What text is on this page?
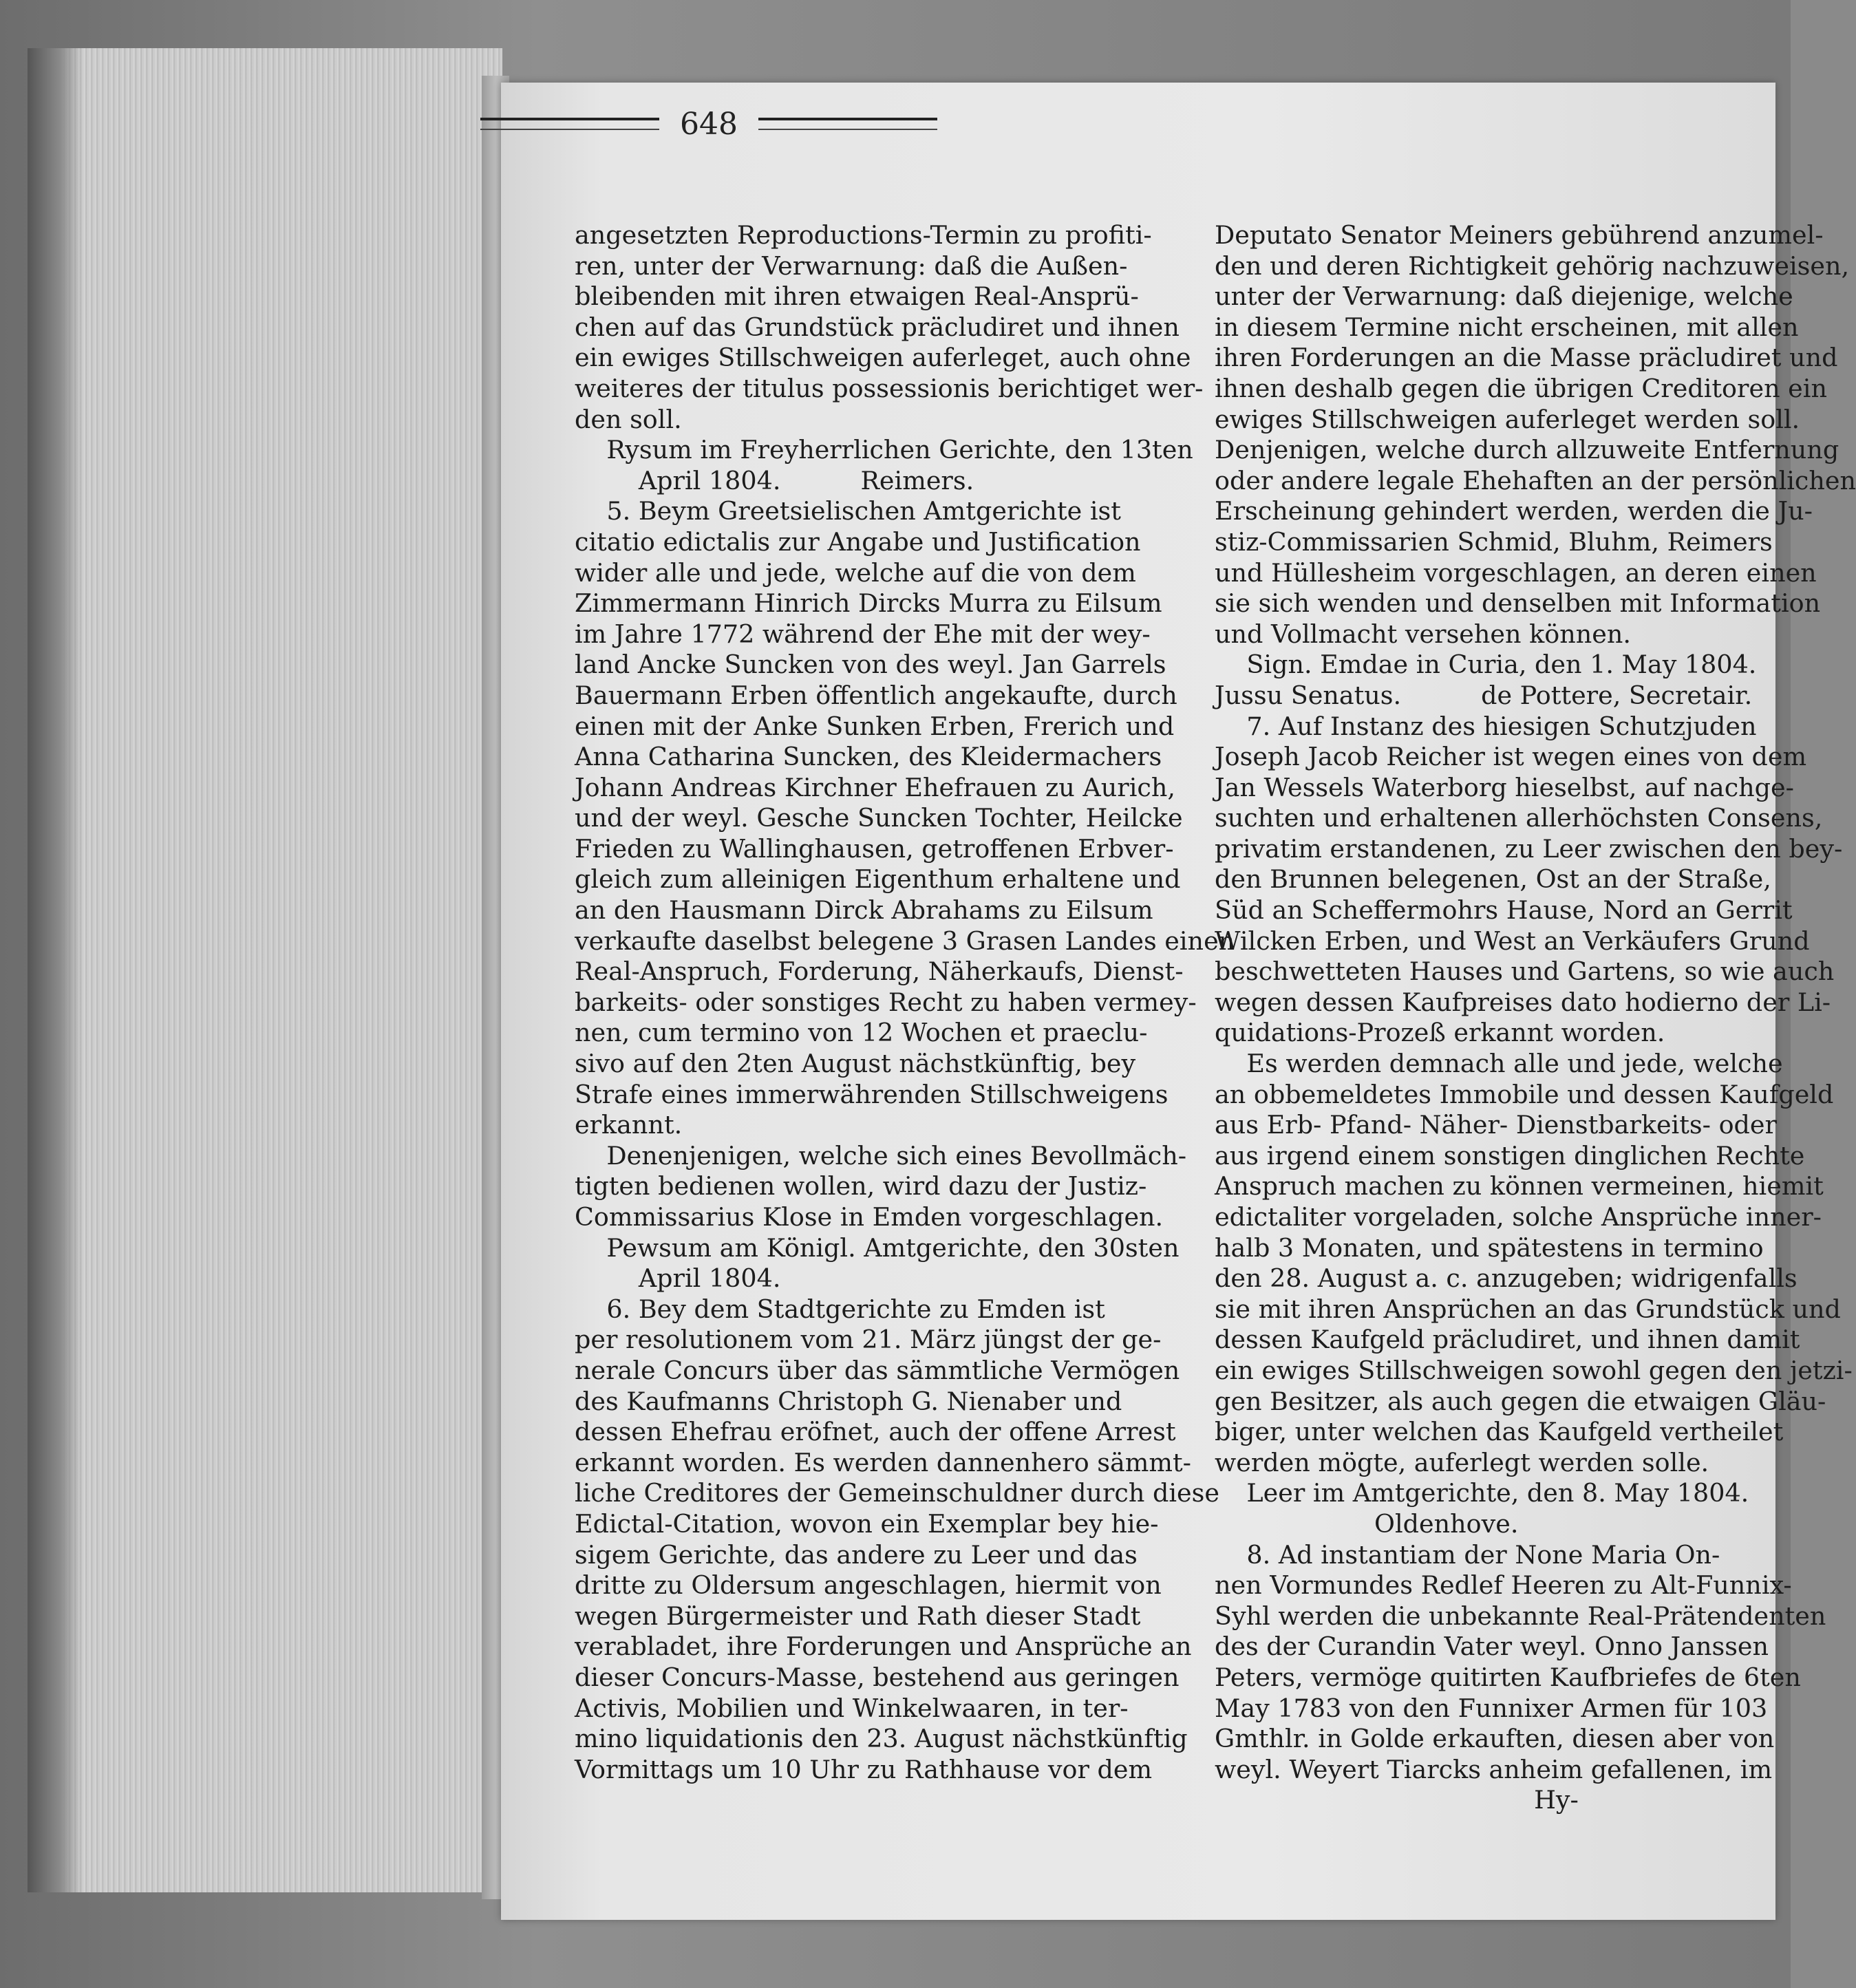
648
angesetzten Reproductions-Termin zu profiti-
ren, unter der Verwarnung: daß die Außen-
bleibenden mit ihren etwaigen Real-Ansprü-
chen auf das Grundstück präcludiret und ihnen
ein ewiges Stillschweigen auferleget, auch ohne
weiteres der titulus possessionis berichtiget wer-
den soll.
Rysum im Freyherrlichen Gerichte, den 13ten
April 1804.          Reimers.
5. Beym Greetsielischen Amtgerichte ist
citatio edictalis zur Angabe und Justification
wider alle und jede, welche auf die von dem
Zimmermann Hinrich Dircks Murra zu Eilsum
im Jahre 1772 während der Ehe mit der wey-
land Ancke Suncken von des weyl. Jan Garrels
Bauermann Erben öffentlich angekaufte, durch
einen mit der Anke Sunken Erben, Frerich und
Anna Catharina Suncken, des Kleidermachers
Johann Andreas Kirchner Ehefrauen zu Aurich,
und der weyl. Gesche Suncken Tochter, Heilcke
Frieden zu Wallinghausen, getroffenen Erbver-
gleich zum alleinigen Eigenthum erhaltene und
an den Hausmann Dirck Abrahams zu Eilsum
verkaufte daselbst belegene 3 Grasen Landes einen
Real-Anspruch, Forderung, Näherkaufs, Dienst-
barkeits- oder sonstiges Recht zu haben vermey-
nen, cum termino von 12 Wochen et praeclu-
sivo auf den 2ten August nächstkünftig, bey
Strafe eines immerwährenden Stillschweigens
erkannt.
Denenjenigen, welche sich eines Bevollmäch-
tigten bedienen wollen, wird dazu der Justiz-
Commissarius Klose in Emden vorgeschlagen.
Pewsum am Königl. Amtgerichte, den 30sten
April 1804.
6. Bey dem Stadtgerichte zu Emden ist
per resolutionem vom 21. März jüngst der ge-
nerale Concurs über das sämmtliche Vermögen
des Kaufmanns Christoph G. Nienaber und
dessen Ehefrau eröfnet, auch der offene Arrest
erkannt worden. Es werden dannenhero sämmt-
liche Creditores der Gemeinschuldner durch diese
Edictal-Citation, wovon ein Exemplar bey hie-
sigem Gerichte, das andere zu Leer und das
dritte zu Oldersum angeschlagen, hiermit von
wegen Bürgermeister und Rath dieser Stadt
verabladet, ihre Forderungen und Ansprüche an
dieser Concurs-Masse, bestehend aus geringen
Activis, Mobilien und Winkelwaaren, in ter-
mino liquidationis den 23. August nächstkünftig
Vormittags um 10 Uhr zu Rathhause vor dem
Deputato Senator Meiners gebührend anzumel-
den und deren Richtigkeit gehörig nachzuweisen,
unter der Verwarnung: daß diejenige, welche
in diesem Termine nicht erscheinen, mit allen
ihren Forderungen an die Masse präcludiret und
ihnen deshalb gegen die übrigen Creditoren ein
ewiges Stillschweigen auferleget werden soll.
Denjenigen, welche durch allzuweite Entfernung
oder andere legale Ehehaften an der persönlichen
Erscheinung gehindert werden, werden die Ju-
stiz-Commissarien Schmid, Bluhm, Reimers
und Hüllesheim vorgeschlagen, an deren einen
sie sich wenden und denselben mit Information
und Vollmacht versehen können.
Sign. Emdae in Curia, den 1. May 1804.
Jussu Senatus.          de Pottere, Secretair.
7. Auf Instanz des hiesigen Schutzjuden
Joseph Jacob Reicher ist wegen eines von dem
Jan Wessels Waterborg hieselbst, auf nachge-
suchten und erhaltenen allerhöchsten Consens,
privatim erstandenen, zu Leer zwischen den bey-
den Brunnen belegenen, Ost an der Straße,
Süd an Scheffermohrs Hause, Nord an Gerrit
Wilcken Erben, und West an Verkäufers Grund
beschwetteten Hauses und Gartens, so wie auch
wegen dessen Kaufpreises dato hodierno der Li-
quidations-Prozeß erkannt worden.
Es werden demnach alle und jede, welche
an obbemeldetes Immobile und dessen Kaufgeld
aus Erb- Pfand- Näher- Dienstbarkeits- oder
aus irgend einem sonstigen dinglichen Rechte
Anspruch machen zu können vermeinen, hiemit
edictaliter vorgeladen, solche Ansprüche inner-
halb 3 Monaten, und spätestens in termino
den 28. August a. c. anzugeben; widrigenfalls
sie mit ihren Ansprüchen an das Grundstück und
dessen Kaufgeld präcludiret, und ihnen damit
ein ewiges Stillschweigen sowohl gegen den jetzi-
gen Besitzer, als auch gegen die etwaigen Gläu-
biger, unter welchen das Kaufgeld vertheilet
werden mögte, auferlegt werden solle.
Leer im Amtgerichte, den 8. May 1804.
Oldenhove.
8. Ad instantiam der None Maria On-
nen Vormundes Redlef Heeren zu Alt-Funnix-
Syhl werden die unbekannte Real-Prätendenten
des der Curandin Vater weyl. Onno Janssen
Peters, vermöge quitirten Kaufbriefes de 6ten
May 1783 von den Funnixer Armen für 103
Gmthlr. in Golde erkauften, diesen aber von
weyl. Weyert Tiarcks anheim gefallenen, im
Hy-
